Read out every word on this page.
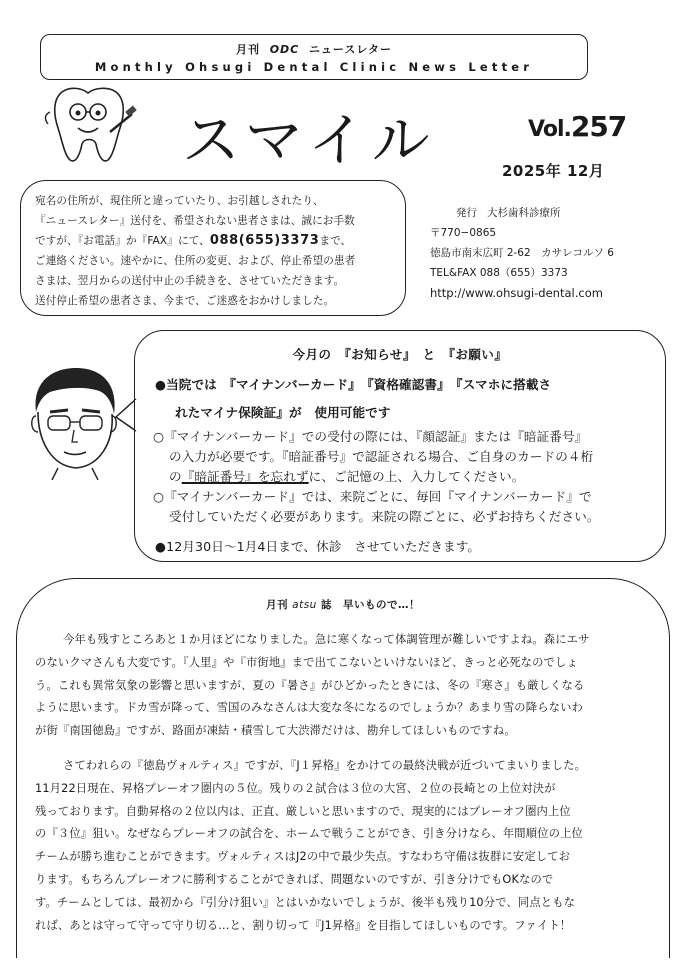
月刊 ODC ニュースレター
Monthly Ohsugi Dental Clinic News Letter
スマイル	Vol.257
2025年 12月
宛名の住所が、現住所と違っていたり、お引越しされたり、
『ニュースレター』送付を、希望されない患者さまは、誠にお手数
ですが、『お電話』か『FAX』にて、088(655)3373まで、
ご連絡ください。速やかに、住所の変更、および、停止希望の患者
さまは、翌月からの送付中止の手続きを、させていただきます。
送付停止希望の患者さま、今まで、ご迷惑をおかけしました。
発行 大杉歯科診療所
〒770−0865
徳島市南末広町 2-62　カサレコルソ 6
TEL&FAX 088（655）3373
http://www.ohsugi-dental.com
今月の　『お知らせ』　と　『お願い』
●当院では　『マイナンバーカード』　『資格確認書』　『スマホに搭載さ
れたマイナ保険証』が　使用可能です
○『マイナンバーカード』での受付の際には、『顔認証』または『暗証番号』
の入力が必要です。『暗証番号』で認証される場合、ご自身のカードの４桁
の『暗証番号』を忘れずに、ご記憶の上、入力してください。
○『マイナンバーカード』では、来院ごとに、毎回『マイナンバーカード』で
受付していただく必要があります。来院の際ごとに、必ずお持ちください。
●12月30日～1月4日まで、休診　させていただきます。
月刊 atsu 誌　早いもので…！
今年も残すところあと１か月ほどになりました。急に寒くなって体調管理が難しいですよね。森にエサ
のないクマさんも大変です。『人里』や『市街地』まで出てこないといけないほど、きっと必死なのでしょ
う。これも異常気象の影響と思いますが、夏の『暑さ』がひどかったときには、冬の『寒さ』も厳しくなる
ように思います。ドカ雪が降って、雪国のみなさんは大変な冬になるのでしょうか？あまり雪の降らないわ
が街『南国徳島』ですが、路面が凍結・積雪して大渋滞だけは、勘弁してほしいものですね。
さてわれらの『徳島ヴォルティス』ですが、『J１昇格』をかけての最終決戦が近づいてまいりました。
11月22日現在、昇格プレーオフ圏内の５位。残りの２試合は３位の大宮、２位の長崎との上位対決が
残っております。自動昇格の２位以内は、正直、厳しいと思いますので、現実的にはプレーオフ圏内上位
の『３位』狙い。なぜならプレーオフの試合を、ホームで戦うことができ、引き分けなら、年間順位の上位
チームが勝ち進むことができます。ヴォルティスはJ2の中で最少失点。すなわち守備は抜群に安定してお
ります。もちろんプレーオフに勝利することができれば、問題ないのですが、引き分けでもOKなので
す。チームとしては、最初から『引分け狙い』とはいかないでしょうが、後半も残り10分で、同点ともな
れば、あとは守って守って守り切る…と、割り切って『J1昇格』を目指してほしいものです。ファイト！
